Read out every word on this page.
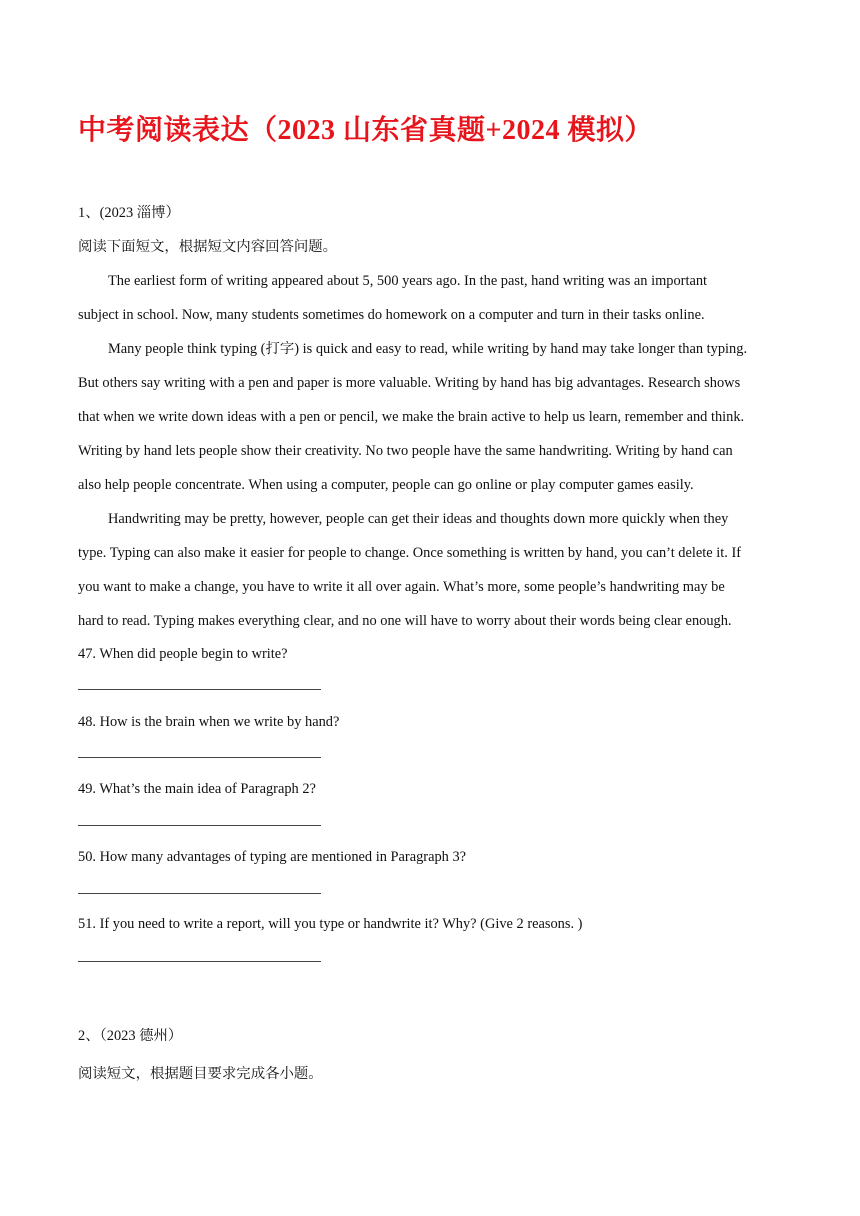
中考阅读表达（2023 山东省真题+2024 模拟）
1、(2023 淄博）
阅读下面短文，根据短文内容回答问题。
The earliest form of writing appeared about 5, 500 years ago. In the past, hand writing was an important
subject in school. Now, many students sometimes do homework on a computer and turn in their tasks online.
Many people think typing (打字) is quick and easy to read, while writing by hand may take longer than typing.
But others say writing with a pen and paper is more valuable. Writing by hand has big advantages. Research shows
that when we write down ideas with a pen or pencil, we make the brain active to help us learn, remember and think.
Writing by hand lets people show their creativity. No two people have the same handwriting. Writing by hand can
also help people concentrate. When using a computer, people can go online or play computer games easily.
Handwriting may be pretty, however, people can get their ideas and thoughts down more quickly when they
type. Typing can also make it easier for people to change. Once something is written by hand, you can’t delete it. If
you want to make a change, you have to write it all over again. What’s more, some people’s handwriting may be
hard to read. Typing makes everything clear, and no one will have to worry about their words being clear enough.
47. When did people begin to write?
48. How is the brain when we write by hand?
49. What’s the main idea of Paragraph 2?
50. How many advantages of typing are mentioned in Paragraph 3?
51. If you need to write a report, will you type or handwrite it? Why? (Give 2 reasons. )
2、（2023 德州）
阅读短文，根据题目要求完成各小题。
